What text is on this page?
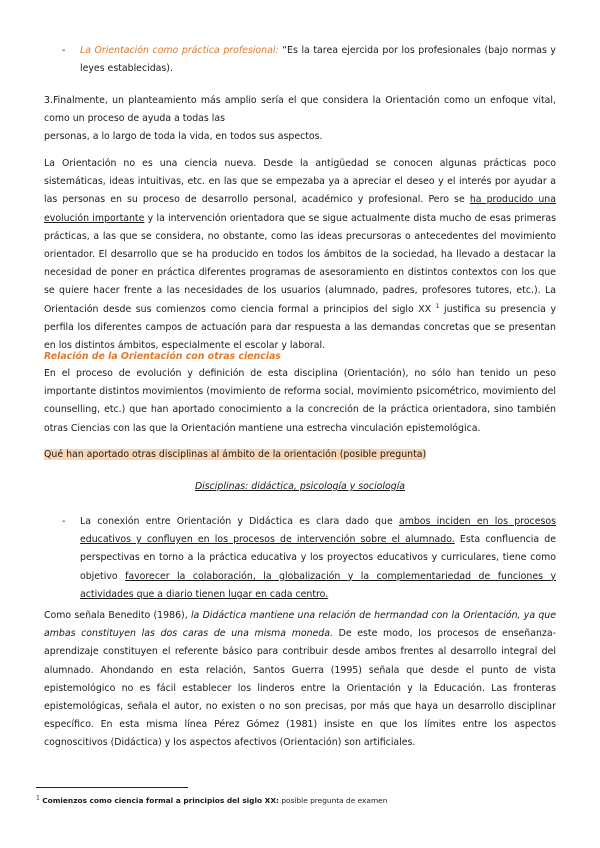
-	La Orientación como práctica profesional: “Es la tarea ejercida por los profesionales (bajo normas y leyes establecidas).
3.Finalmente, un planteamiento más amplio sería el que considera la Orientación como un enfoque vital, como un proceso de ayuda a todas las
personas, a lo largo de toda la vida, en todos sus aspectos.
La Orientación no es una ciencia nueva. Desde la antigüedad se conocen algunas prácticas poco sistemáticas, ideas intuitivas, etc. en las que se empezaba ya a apreciar el deseo y el interés por ayudar a las personas en su proceso de desarrollo personal, académico y profesional. Pero se ha producido una evolución importante y la intervención orientadora que se sigue actualmente dista mucho de esas primeras prácticas, a las que se considera, no obstante, como las ideas precursoras o antecedentes del movimiento orientador. El desarrollo que se ha producido en todos los ámbitos de la sociedad, ha llevado a destacar la necesidad de poner en práctica diferentes programas de asesoramiento en distintos contextos con los que se quiere hacer frente a las necesidades de los usuarios (alumnado, padres, profesores tutores, etc.). La Orientación desde sus comienzos como ciencia formal a principios del siglo XX $^1$ justifica su presencia y perfila los diferentes campos de actuación para dar respuesta a las demandas concretas que se presentan en los distintos ámbitos, especialmente el escolar y laboral.
Relación de la Orientación con otras ciencias
En el proceso de evolución y definición de esta disciplina (Orientación), no sólo han tenido un peso importante distintos movimientos (movimiento de reforma social, movimiento psicométrico, movimiento del counselling, etc.) que han aportado conocimiento a la concreción de la práctica orientadora, sino también otras Ciencias con las que la Orientación mantiene una estrecha vinculación epistemológica.
Qué han aportado otras disciplinas al ámbito de la orientación (posible pregunta)
Disciplinas: didáctica, psicología y sociología
-	La conexión entre Orientación y Didáctica es clara dado que ambos inciden en los procesos educativos y confluyen en los procesos de intervención sobre el alumnado. Esta confluencia de perspectivas en torno a la práctica educativa y los proyectos educativos y curriculares, tiene como objetivo favorecer la colaboración, la globalización y la complementariedad de funciones y actividades que a diario tienen lugar en cada centro.
Como señala Benedito (1986), la Didáctica mantiene una relación de hermandad con la Orientación, ya que ambas constituyen las dos caras de una misma moneda. De este modo, los procesos de enseñanza-aprendizaje constituyen el referente básico para contribuir desde ambos frentes al desarrollo integral del alumnado. Ahondando en esta relación, Santos Guerra (1995) señala que desde el punto de vista epistemológico no es fácil establecer los linderos entre la Orientación y la Educación. Las fronteras epistemológicas, señala el autor, no existen o no son precisas, por más que haya un desarrollo disciplinar específico. En esta misma línea Pérez Gómez (1981) insiste en que los límites entre los aspectos cognoscitivos (Didáctica) y los aspectos afectivos (Orientación) son artificiales.
$^1$ Comienzos como ciencia formal a principios del siglo XX: posible pregunta de examen
